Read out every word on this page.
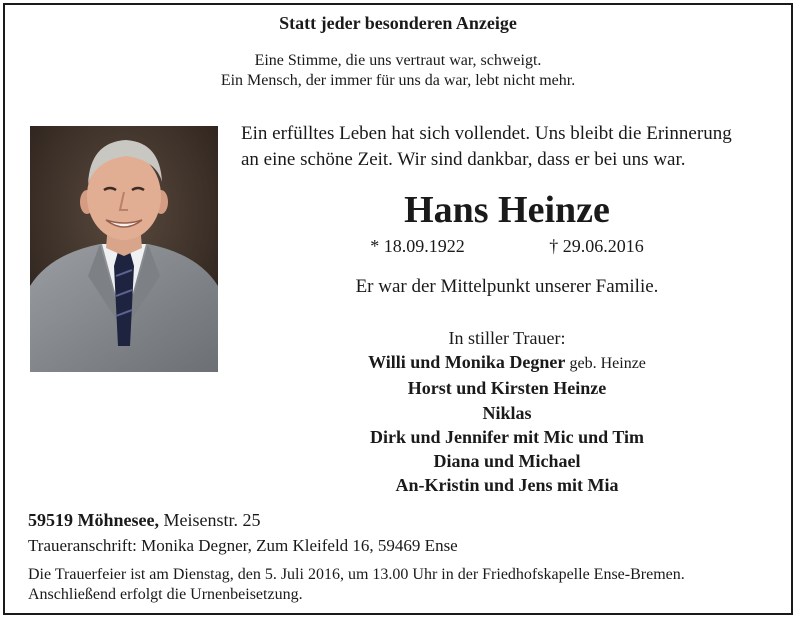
Statt jeder besonderen Anzeige
Eine Stimme, die uns vertraut war, schweigt.
Ein Mensch, der immer für uns da war, lebt nicht mehr.
Ein erfülltes Leben hat sich vollendet. Uns bleibt die Erinnerung
an eine schöne Zeit. Wir sind dankbar, dass er bei uns war.
Hans Heinze
* 18.09.1922	† 29.06.2016
Er war der Mittelpunkt unserer Familie.
In stiller Trauer:
Willi und Monika Degner geb. Heinze
Horst und Kirsten Heinze
Niklas
Dirk und Jennifer mit Mic und Tim
Diana und Michael
An-Kristin und Jens mit Mia
59519 Möhnesee, Meisenstr. 25
Traueranschrift: Monika Degner, Zum Kleifeld 16, 59469 Ense
Die Trauerfeier ist am Dienstag, den 5. Juli 2016, um 13.00 Uhr in der Friedhofskapelle Ense-Bremen.
Anschließend erfolgt die Urnenbeisetzung.
